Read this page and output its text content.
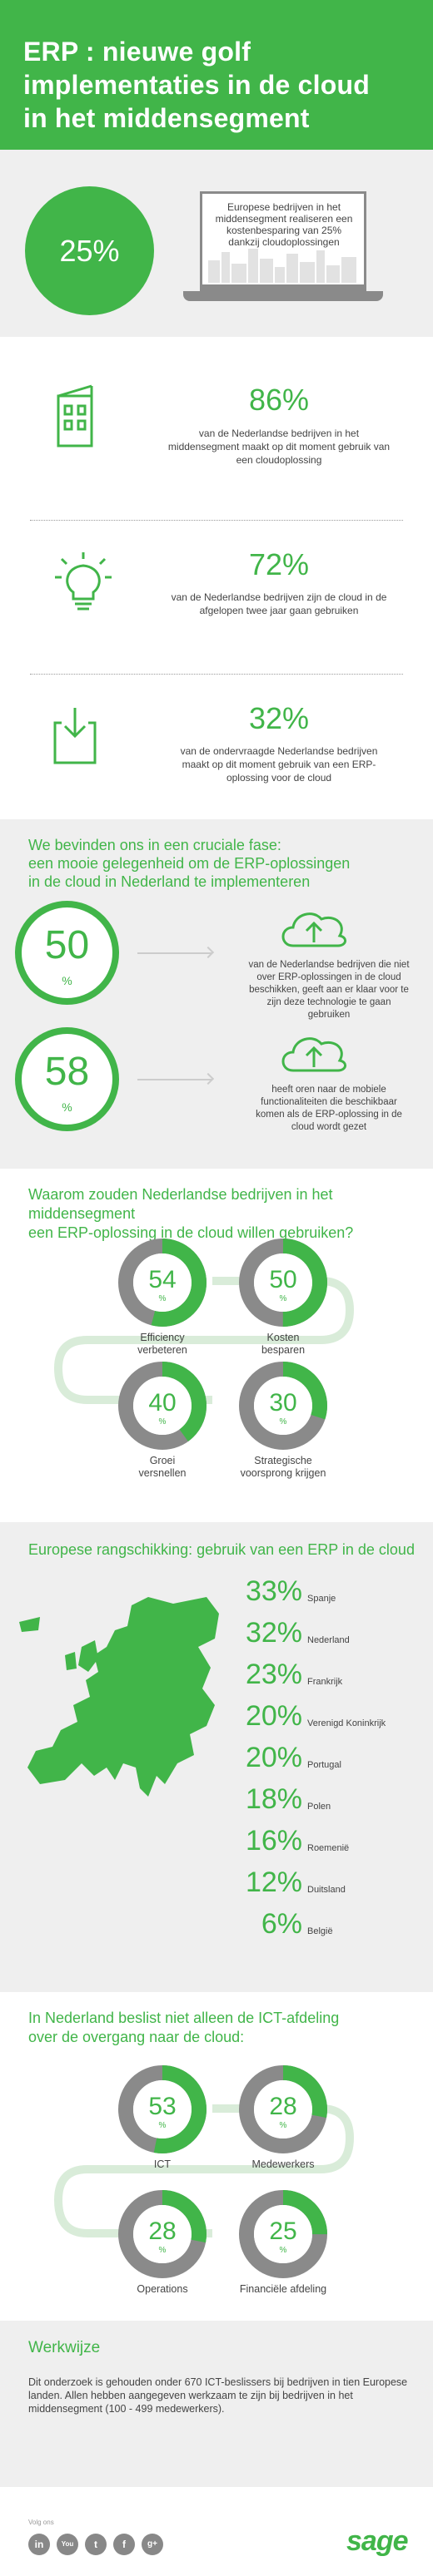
ERP : nieuwe golf
implementaties in de cloud
in het middensegment
25%
Europese bedrijven in het middensegment realiseren een kostenbesparing van 25% dankzij cloudoplossingen
86%
van de Nederlandse bedrijven in het middensegment maakt op dit moment gebruik van een cloudoplossing
72%
van de Nederlandse bedrijven zijn de cloud in de afgelopen twee jaar gaan gebruiken
32%
van de ondervraagde Nederlandse bedrijven maakt op dit moment gebruik van een ERP-oplossing voor de cloud
We bevinden ons in een cruciale fase:
een mooie gelegenheid om de ERP-oplossingen
in de cloud in Nederland te implementeren
50
%
van de Nederlandse bedrijven die niet over ERP-oplossingen in de cloud beschikken, geeft aan er klaar voor te zijn deze technologie te gaan gebruiken
58
%
heeft oren naar de mobiele functionaliteiten die beschikbaar komen als de ERP-oplossing in de cloud wordt gezet
Waarom zouden Nederlandse bedrijven in het middensegment
een ERP-oplossing in de cloud willen gebruiken?
54
%
Efficiency
verbeteren
50
%
Kosten
besparen
40
%
Groei
versnellen
30
%
Strategische
voorsprong krijgen
Europese rangschikking: gebruik van een ERP in de cloud
33% Spanje
32% Nederland
23% Frankrijk
20% Verenigd Koninkrijk
20% Portugal
18% Polen
16% Roemenië
12% Duitsland
6% België
In Nederland beslist niet alleen de ICT-afdeling
over de overgang naar de cloud:
53
%
ICT
28
%
Medewerkers
28
%
Operations
25
%
Financiële afdeling
Werkwijze
Dit onderzoek is gehouden onder 670 ICT-beslissers bij bedrijven in tien Europese landen. Allen hebben aangegeven werkzaam te zijn bij bedrijven in het middensegment (100 - 499 medewerkers).
Volg ons
in	You	t	f	g+	sage
